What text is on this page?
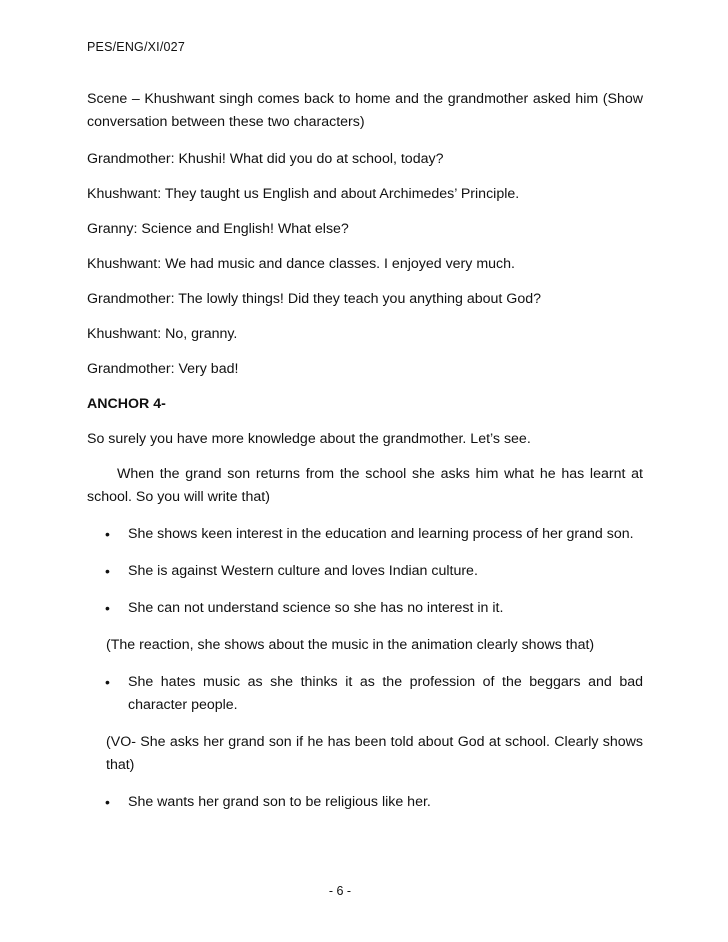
PES/ENG/XI/027

Scene – Khushwant singh comes back to home and the grandmother asked him (Show conversation between these two characters)

Grandmother: Khushi! What did you do at school, today?

Khushwant: They taught us English and about Archimedes’ Principle.

Granny: Science and English! What else?

Khushwant: We had music and dance classes. I enjoyed very much.

Grandmother: The lowly things! Did they teach you anything about God?

Khushwant: No, granny.

Grandmother: Very bad!

ANCHOR 4-

So surely you have more knowledge about the grandmother. Let’s see.

When the grand son returns from the school she asks him what he has learnt at school. So you will write that)

• She shows keen interest in the education and learning process of her grand son.
• She is against Western culture and loves Indian culture.
• She can not understand science so she has no interest in it.

(The reaction, she shows about the music in the animation clearly shows that)

• She hates music as she thinks it as the profession of the beggars and bad character people.

(VO- She asks her grand son if he has been told about God at school. Clearly shows that)

• She wants her grand son to be religious like her.
- 6 -
